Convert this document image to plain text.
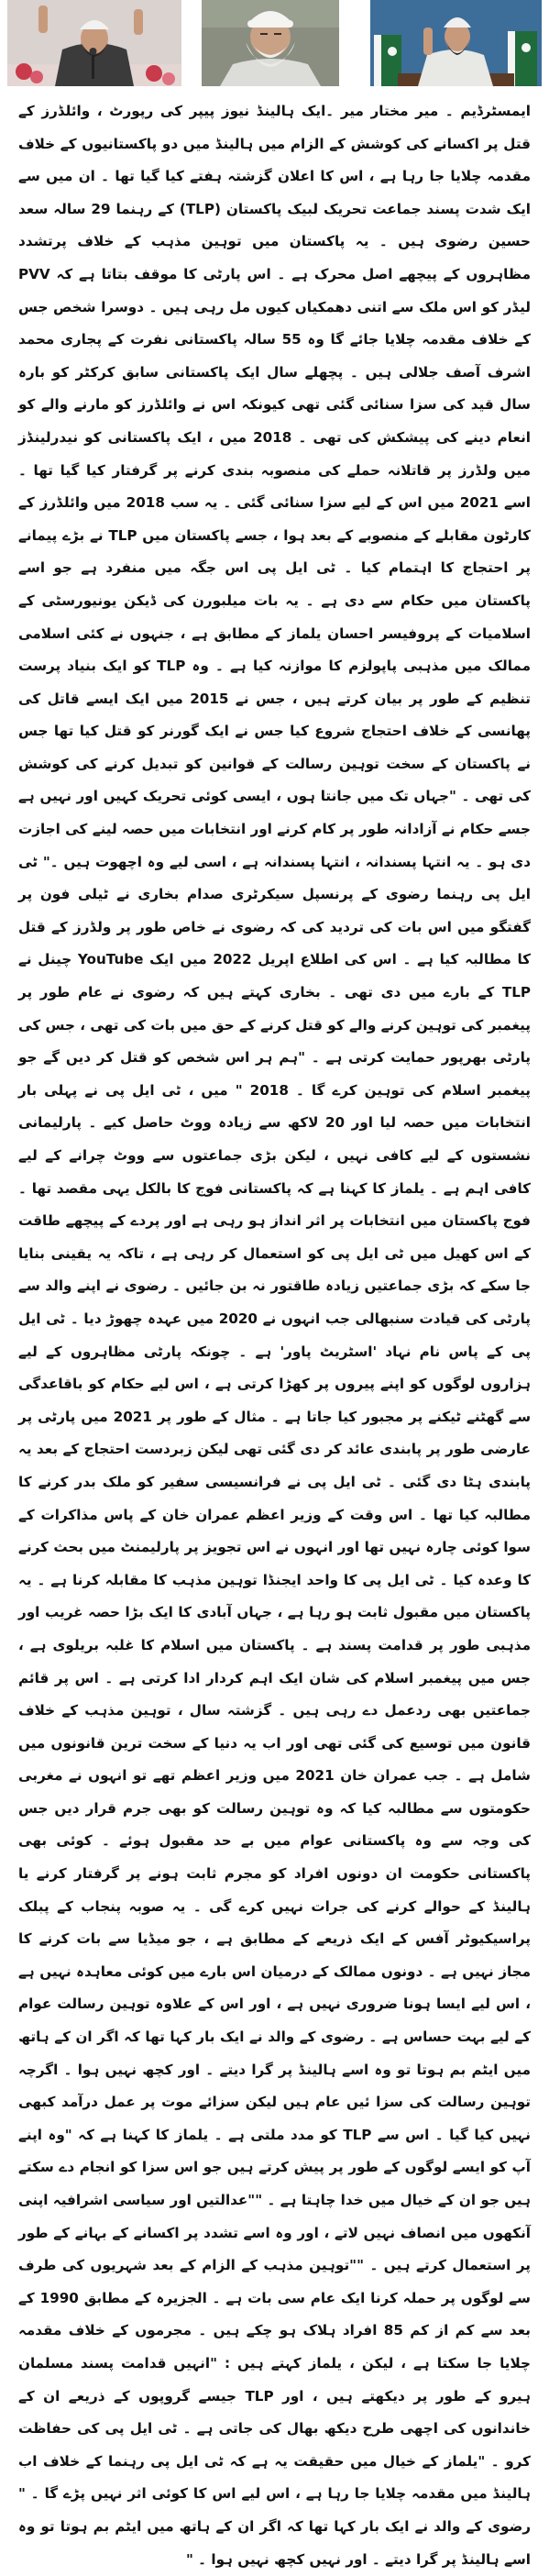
ایمسٹرڈیم ۔ میر مختار میر ۔ایک ہالینڈ نیوز پیپر کی رپورٹ ، وائلڈرز کے قتل پر اکسانے کی کوشش کے الزام میں ہالینڈ میں دو پاکستانیوں کے خلاف مقدمہ چلایا جا رہا ہے ، اس کا اعلان گزشتہ ہفتے کیا گیا تھا ۔ ان میں سے ایک شدت پسند جماعت تحریک لبیک پاکستان (TLP) کے رہنما 29 سالہ سعد حسین رضوی ہیں ۔ یہ پاکستان میں توہین مذہب کے خلاف پرتشدد مظاہروں کے پیچھے اصل محرک ہے ۔ اس پارٹی کا موقف بتاتا ہے کہ PVV لیڈر کو اس ملک سے اتنی دھمکیاں کیوں مل رہی ہیں ۔ دوسرا شخص جس کے خلاف مقدمہ چلایا جائے گا وہ 55 سالہ پاکستانی نفرت کے پجاری محمد اشرف آصف جلالی ہیں ۔ پچھلے سال ایک پاکستانی سابق کرکٹر کو بارہ سال قید کی سزا سنائی گئی تھی کیونکہ اس نے وائلڈرز کو مارنے والے کو انعام دینے کی پیشکش کی تھی ۔ 2018 میں ، ایک پاکستانی کو نیدرلینڈز میں ولڈرز پر قاتلانہ حملے کی منصوبہ بندی کرنے پر گرفتار کیا گیا تھا ۔ اسے 2021 میں اس کے لیے سزا سنائی گئی ۔ یہ سب 2018 میں وائلڈرز کے کارٹون مقابلے کے منصوبے کے بعد ہوا ، جسے پاکستان میں TLP نے بڑے پیمانے پر احتجاج کا اہتمام کیا ۔ ٹی ایل پی اس جگہ میں منفرد ہے جو اسے پاکستان میں حکام سے دی ہے ۔ یہ بات میلبورن کی ڈیکن یونیورسٹی کے اسلامیات کے پروفیسر احسان یلماز کے مطابق ہے ، جنہوں نے کئی اسلامی ممالک میں مذہبی پاپولزم کا موازنہ کیا ہے ۔ وہ TLP کو ایک بنیاد پرست تنظیم کے طور پر بیان کرتے ہیں ، جس نے 2015 میں ایک ایسے قاتل کی پھانسی کے خلاف احتجاج شروع کیا جس نے ایک گورنر کو قتل کیا تھا جس نے پاکستان کے سخت توہین رسالت کے قوانین کو تبدیل کرنے کی کوشش کی تھی ۔ "جہاں تک میں جانتا ہوں ، ایسی کوئی تحریک کہیں اور نہیں ہے جسے حکام نے آزادانہ طور پر کام کرنے اور انتخابات میں حصہ لینے کی اجازت دی ہو ۔ یہ انتہا پسندانہ ، انتہا پسندانہ ہے ، اسی لیے وہ اچھوت ہیں ۔" ٹی ایل پی رہنما رضوی کے پرنسپل سیکرٹری صدام بخاری نے ٹیلی فون پر گفتگو میں اس بات کی تردید کی کہ رضوی نے خاص طور پر ولڈرز کے قتل کا مطالبہ کیا ہے ۔ اس کی اطلاع اپریل 2022 میں ایک YouTube چینل نے TLP کے بارے میں دی تھی ۔ بخاری کہتے ہیں کہ رضوی نے عام طور پر پیغمبر کی توہین کرنے والے کو قتل کرنے کے حق میں بات کی تھی ، جس کی پارٹی بھرپور حمایت کرتی ہے ۔ "ہم ہر اس شخص کو قتل کر دیں گے جو پیغمبر اسلام کی توہین کرے گا ۔ 2018 " میں ، ٹی ایل پی نے پہلی بار انتخابات میں حصہ لیا اور 20 لاکھ سے زیادہ ووٹ حاصل کیے ۔ پارلیمانی نشستوں کے لیے کافی نہیں ، لیکن بڑی جماعتوں سے ووٹ چرانے کے لیے کافی اہم ہے ۔ یلماز کا کہنا ہے کہ پاکستانی فوج کا بالکل یہی مقصد تھا ۔ فوج پاکستان میں انتخابات پر اثر انداز ہو رہی ہے اور پردے کے پیچھے طاقت کے اس کھیل میں ٹی ایل پی کو استعمال کر رہی ہے ، تاکہ یہ یقینی بنایا جا سکے کہ بڑی جماعتیں زیادہ طاقتور نہ بن جائیں ۔ رضوی نے اپنے والد سے پارٹی کی قیادت سنبھالی جب انہوں نے 2020 میں عہدہ چھوڑ دیا ۔ ٹی ایل پی کے پاس نام نہاد 'اسٹریٹ پاور' ہے ۔ چونکہ پارٹی مظاہروں کے لیے ہزاروں لوگوں کو اپنے پیروں پر کھڑا کرتی ہے ، اس لیے حکام کو باقاعدگی سے گھٹنے ٹیکنے پر مجبور کیا جاتا ہے ۔ مثال کے طور پر 2021 میں پارٹی پر عارضی طور پر پابندی عائد کر دی گئی تھی لیکن زبردست احتجاج کے بعد یہ پابندی ہٹا دی گئی ۔ ٹی ایل پی نے فرانسیسی سفیر کو ملک بدر کرنے کا مطالبہ کیا تھا ۔ اس وقت کے وزیر اعظم عمران خان کے پاس مذاکرات کے سوا کوئی چارہ نہیں تھا اور انہوں نے اس تجویز پر پارلیمنٹ میں بحث کرنے کا وعدہ کیا ۔ ٹی ایل پی کا واحد ایجنڈا توہین مذہب کا مقابلہ کرنا ہے ۔ یہ پاکستان میں مقبول ثابت ہو رہا ہے ، جہاں آبادی کا ایک بڑا حصہ غریب اور مذہبی طور پر قدامت پسند ہے ۔ پاکستان میں اسلام کا غلبہ بریلوی ہے ، جس میں پیغمبر اسلام کی شان ایک اہم کردار ادا کرتی ہے ۔ اس پر قائم جماعتیں بھی ردعمل دے رہی ہیں ۔ گزشتہ سال ، توہین مذہب کے خلاف قانون میں توسیع کی گئی تھی اور اب یہ دنیا کے سخت ترین قانونوں میں شامل ہے ۔ جب عمران خان 2021 میں وزیر اعظم تھے تو انہوں نے مغربی حکومتوں سے مطالبہ کیا کہ وہ توہین رسالت کو بھی جرم قرار دیں جس کی وجہ سے وہ پاکستانی عوام میں بے حد مقبول ہوئے ۔ کوئی بھی پاکستانی حکومت ان دونوں افراد کو مجرم ثابت ہونے پر گرفتار کرنے یا ہالینڈ کے حوالے کرنے کی جرات نہیں کرے گی ۔ یہ صوبہ پنجاب کے پبلک پراسیکیوٹر آفس کے ایک ذریعے کے مطابق ہے ، جو میڈیا سے بات کرنے کا مجاز نہیں ہے ۔ دونوں ممالک کے درمیان اس بارے میں کوئی معاہدہ نہیں ہے ، اس لیے ایسا ہونا ضروری نہیں ہے ، اور اس کے علاوہ توہین رسالت عوام کے لیے بہت حساس ہے ۔ رضوی کے والد نے ایک بار کہا تھا کہ اگر ان کے ہاتھ میں ایٹم بم ہوتا تو وہ اسے ہالینڈ پر گرا دیتے ۔ اور کچھ نہیں ہوا ۔ اگرچہ توہین رسالت کی سزا ئیں عام ہیں لیکن سزائے موت پر عمل درآمد کبھی نہیں کیا گیا ۔ اس سے TLP کو مدد ملتی ہے ۔ یلماز کا کہنا ہے کہ "وہ اپنے آپ کو ایسے لوگوں کے طور پر پیش کرتے ہیں جو اس سزا کو انجام دے سکتے ہیں جو ان کے خیال میں خدا چاہتا ہے ۔ ""عدالتیں اور سیاسی اشرافیہ اپنی آنکھوں میں انصاف نہیں لاتے ، اور وہ اسے تشدد پر اکسانے کے بہانے کے طور پر استعمال کرتے ہیں ۔ ""توہین مذہب کے الزام کے بعد شہریوں کی طرف سے لوگوں پر حملہ کرنا ایک عام سی بات ہے ۔ الجزیرہ کے مطابق 1990 کے بعد سے کم از کم 85 افراد ہلاک ہو چکے ہیں ۔ مجرموں کے خلاف مقدمہ چلایا جا سکتا ہے ، لیکن ، یلماز کہتے ہیں : "انہیں قدامت پسند مسلمان ہیرو کے طور پر دیکھتے ہیں ، اور TLP جیسے گروپوں کے ذریعے ان کے خاندانوں کی اچھی طرح دیکھ بھال کی جاتی ہے ۔ ٹی ایل پی کی حفاظت کرو ۔ "یلماز کے خیال میں حقیقت یہ ہے کہ ٹی ایل پی رہنما کے خلاف اب ہالینڈ میں مقدمہ چلایا جا رہا ہے ، اس لیے اس کا کوئی اثر نہیں پڑے گا ۔ " رضوی کے والد نے ایک بار کہا تھا کہ اگر ان کے ہاتھ میں ایٹم بم ہوتا تو وہ اسے ہالینڈ پر گرا دیتے ۔ اور نہیں کچھ نہیں ہوا ۔ "
